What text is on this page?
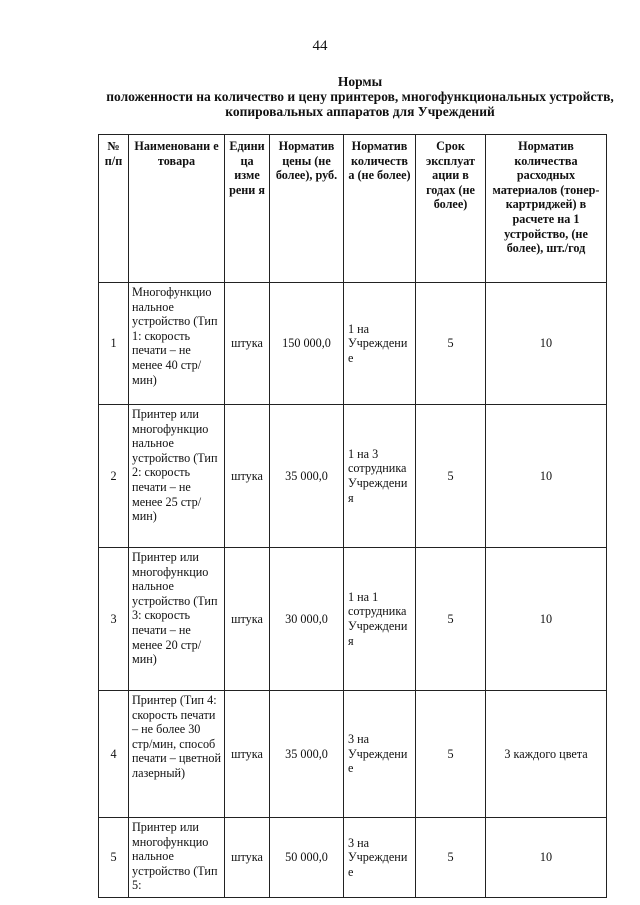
44
Нормы
положенности на количество и цену принтеров, многофункциональных устройств,
копировальных аппаратов для Учреждений
№ п/п	Наименовани е товара	Едини ца изме рени я	Норматив цены (не более), руб.	Норматив количеств а (не более)	Срок эксплуат ации в годах (не более)	Норматив количества расходных материалов (тонер-картриджей) в расчете на 1 устройство, (не более), шт./год
1	Многофункцио нальное устройство (Тип 1: скорость печати – не менее 40 стр/мин)	штука	150 000,0	1 на Учреждени е	5	10
2	Принтер или многофункцио нальное устройство (Тип 2: скорость печати – не менее 25 стр/мин)	штука	35 000,0	1 на 3 сотрудника Учреждени я	5	10
3	Принтер или многофункцио нальное устройство (Тип 3: скорость печати – не менее 20 стр/мин)	штука	30 000,0	1 на 1 сотрудника Учреждени я	5	10
4	Принтер (Тип 4: скорость печати – не более 30 стр/мин, способ печати – цветной лазерный)	штука	35 000,0	3 на Учреждени е	5	3 каждого цвета
5	Принтер или многофункцио нальное устройство (Тип 5:	штука	50 000,0	3 на Учреждени е	5	10
